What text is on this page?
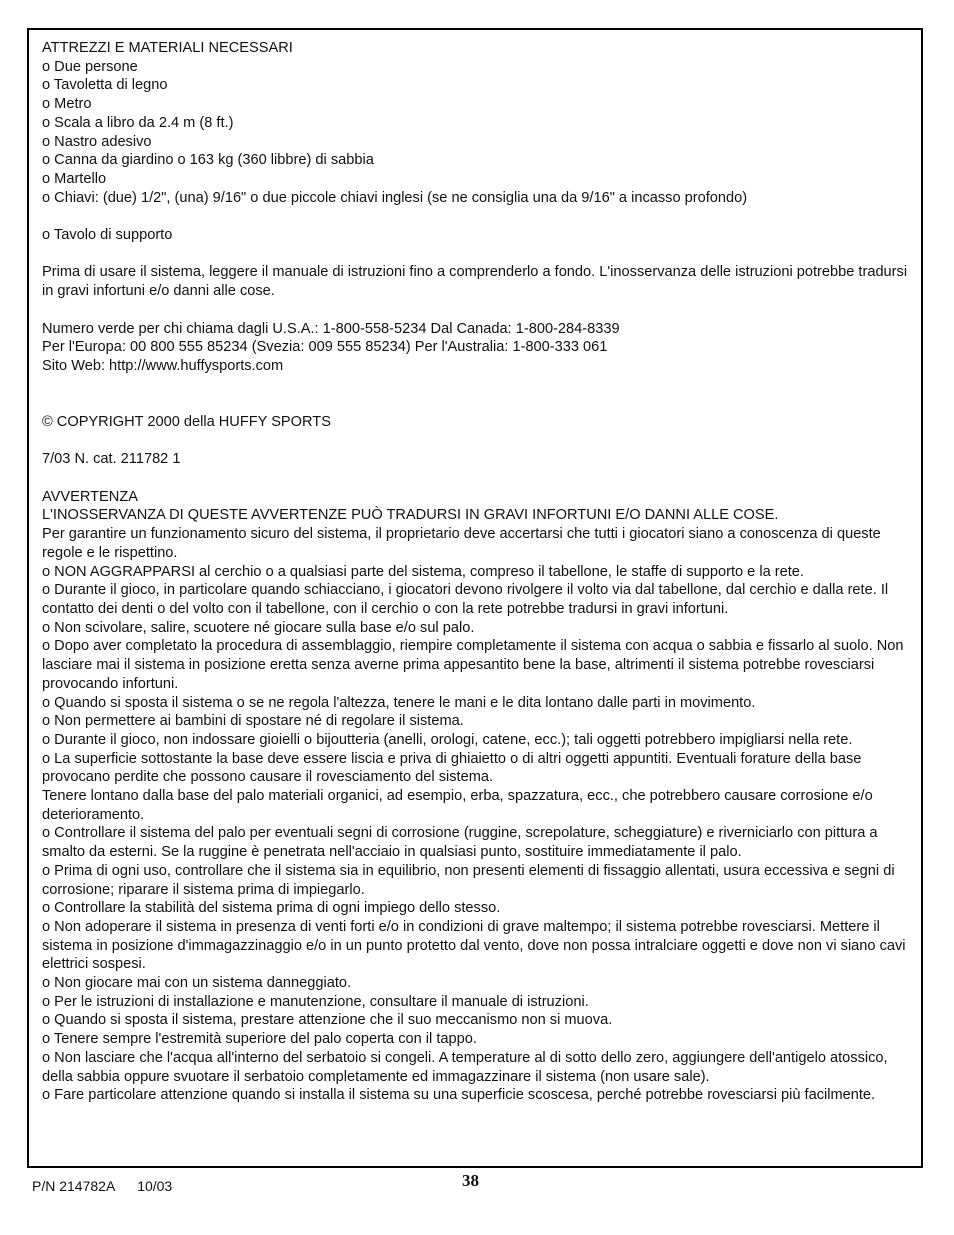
ATTREZZI E MATERIALI NECESSARI
o Due persone
o Tavoletta di legno
o Metro
o Scala a libro da 2.4 m (8 ft.)
o Nastro adesivo
o Canna da giardino o 163 kg (360 libbre) di sabbia
o Martello
o Chiavi: (due) 1/2", (una) 9/16" o due piccole chiavi inglesi (se ne consiglia una da 9/16" a incasso profondo)
o Tavolo di supporto
Prima di usare il sistema, leggere il manuale di istruzioni fino a comprenderlo a fondo. L'inosservanza delle istruzioni potrebbe tradursi in gravi infortuni e/o danni alle cose.
Numero verde per chi chiama dagli U.S.A.: 1-800-558-5234 Dal Canada: 1-800-284-8339
Per l'Europa: 00 800 555 85234 (Svezia: 009 555 85234) Per l'Australia: 1-800-333 061
Sito Web: http://www.huffysports.com
© COPYRIGHT 2000 della HUFFY SPORTS
7/03 N. cat. 211782 1
AVVERTENZA
L'INOSSERVANZA DI QUESTE AVVERTENZE PUÒ TRADURSI IN GRAVI INFORTUNI E/O DANNI ALLE COSE.
Per garantire un funzionamento sicuro del sistema, il proprietario deve accertarsi che tutti i giocatori siano a conoscenza di queste regole e le rispettino.
o NON AGGRAPPARSI al cerchio o a qualsiasi parte del sistema, compreso il tabellone, le staffe di supporto e la rete.
o Durante il gioco, in particolare quando schiacciano, i giocatori devono rivolgere il volto via dal tabellone, dal cerchio e dalla rete. Il contatto dei denti o del volto con il tabellone, con il cerchio o con la rete potrebbe tradursi in gravi infortuni.
o Non scivolare, salire, scuotere né giocare sulla base e/o sul palo.
o Dopo aver completato la procedura di assemblaggio, riempire completamente il sistema con acqua o sabbia e fissarlo al suolo. Non lasciare mai il sistema in posizione eretta senza averne prima appesantito bene la base, altrimenti il sistema potrebbe rovesciarsi provocando infortuni.
o Quando si sposta il sistema o se ne regola l'altezza, tenere le mani e le dita lontano dalle parti in movimento.
o Non permettere ai bambini di spostare né di regolare il sistema.
o Durante il gioco, non indossare gioielli o bijoutteria (anelli, orologi, catene, ecc.); tali oggetti potrebbero impigliarsi nella rete.
o La superficie sottostante la base deve essere liscia e priva di ghiaietto o di altri oggetti appuntiti. Eventuali forature della base provocano perdite che possono causare il rovesciamento del sistema.
Tenere lontano dalla base del palo materiali organici, ad esempio, erba, spazzatura, ecc., che potrebbero causare corrosione e/o deterioramento.
o Controllare il sistema del palo per eventuali segni di corrosione (ruggine, screpolature, scheggiature) e riverniciarlo con pittura a smalto da esterni. Se la ruggine è penetrata nell'acciaio in qualsiasi punto, sostituire immediatamente il palo.
o Prima di ogni uso, controllare che il sistema sia in equilibrio, non presenti elementi di fissaggio allentati, usura eccessiva e segni di corrosione; riparare il sistema prima di impiegarlo.
o Controllare la stabilità del sistema prima di ogni impiego dello stesso.
o Non adoperare il sistema in presenza di venti forti e/o in condizioni di grave maltempo; il sistema potrebbe rovesciarsi. Mettere il sistema in posizione d'immagazzinaggio e/o in un punto protetto dal vento, dove non possa intralciare oggetti e dove non vi siano cavi elettrici sospesi.
o Non giocare mai con un sistema danneggiato.
o Per le istruzioni di installazione e manutenzione, consultare il manuale di istruzioni.
o Quando si sposta il sistema, prestare attenzione che il suo meccanismo non si muova.
o Tenere sempre l'estremità superiore del palo coperta con il tappo.
o Non lasciare che l'acqua all'interno del serbatoio si congeli. A temperature al di sotto dello zero, aggiungere dell'antigelo atossico, della sabbia oppure svuotare il serbatoio completamente ed immagazzinare il sistema (non usare sale).
o Fare particolare attenzione quando si installa il sistema su una superficie scoscesa, perché potrebbe rovesciarsi più facilmente.
P/N 214782A 10/03	38
